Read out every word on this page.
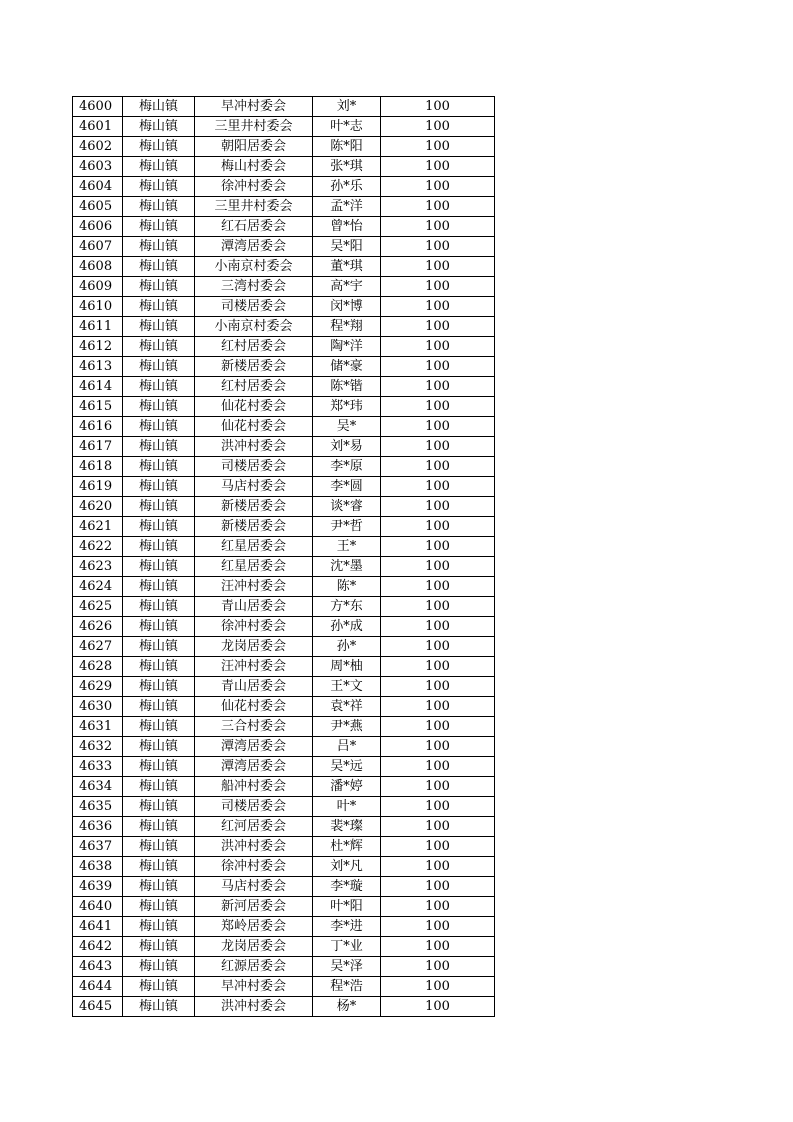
4600	梅山镇	早冲村委会	刘*	100
4601	梅山镇	三里井村委会	叶*志	100
4602	梅山镇	朝阳居委会	陈*阳	100
4603	梅山镇	梅山村委会	张*琪	100
4604	梅山镇	徐冲村委会	孙*乐	100
4605	梅山镇	三里井村委会	孟*洋	100
4606	梅山镇	红石居委会	曾*怡	100
4607	梅山镇	潭湾居委会	吴*阳	100
4608	梅山镇	小南京村委会	董*琪	100
4609	梅山镇	三湾村委会	高*宇	100
4610	梅山镇	司楼居委会	闵*博	100
4611	梅山镇	小南京村委会	程*翔	100
4612	梅山镇	红村居委会	陶*洋	100
4613	梅山镇	新楼居委会	储*豪	100
4614	梅山镇	红村居委会	陈*锴	100
4615	梅山镇	仙花村委会	郑*玮	100
4616	梅山镇	仙花村委会	吴*	100
4617	梅山镇	洪冲村委会	刘*易	100
4618	梅山镇	司楼居委会	李*原	100
4619	梅山镇	马店村委会	李*圆	100
4620	梅山镇	新楼居委会	谈*睿	100
4621	梅山镇	新楼居委会	尹*哲	100
4622	梅山镇	红星居委会	王*	100
4623	梅山镇	红星居委会	沈*墨	100
4624	梅山镇	汪冲村委会	陈*	100
4625	梅山镇	青山居委会	方*东	100
4626	梅山镇	徐冲村委会	孙*成	100
4627	梅山镇	龙岗居委会	孙*	100
4628	梅山镇	汪冲村委会	周*柚	100
4629	梅山镇	青山居委会	王*文	100
4630	梅山镇	仙花村委会	袁*祥	100
4631	梅山镇	三合村委会	尹*燕	100
4632	梅山镇	潭湾居委会	吕*	100
4633	梅山镇	潭湾居委会	吴*远	100
4634	梅山镇	船冲村委会	潘*婷	100
4635	梅山镇	司楼居委会	叶*	100
4636	梅山镇	红河居委会	裴*璨	100
4637	梅山镇	洪冲村委会	杜*辉	100
4638	梅山镇	徐冲村委会	刘*凡	100
4639	梅山镇	马店村委会	李*璇	100
4640	梅山镇	新河居委会	叶*阳	100
4641	梅山镇	郑岭居委会	李*进	100
4642	梅山镇	龙岗居委会	丁*业	100
4643	梅山镇	红源居委会	吴*泽	100
4644	梅山镇	早冲村委会	程*浩	100
4645	梅山镇	洪冲村委会	杨*	100
